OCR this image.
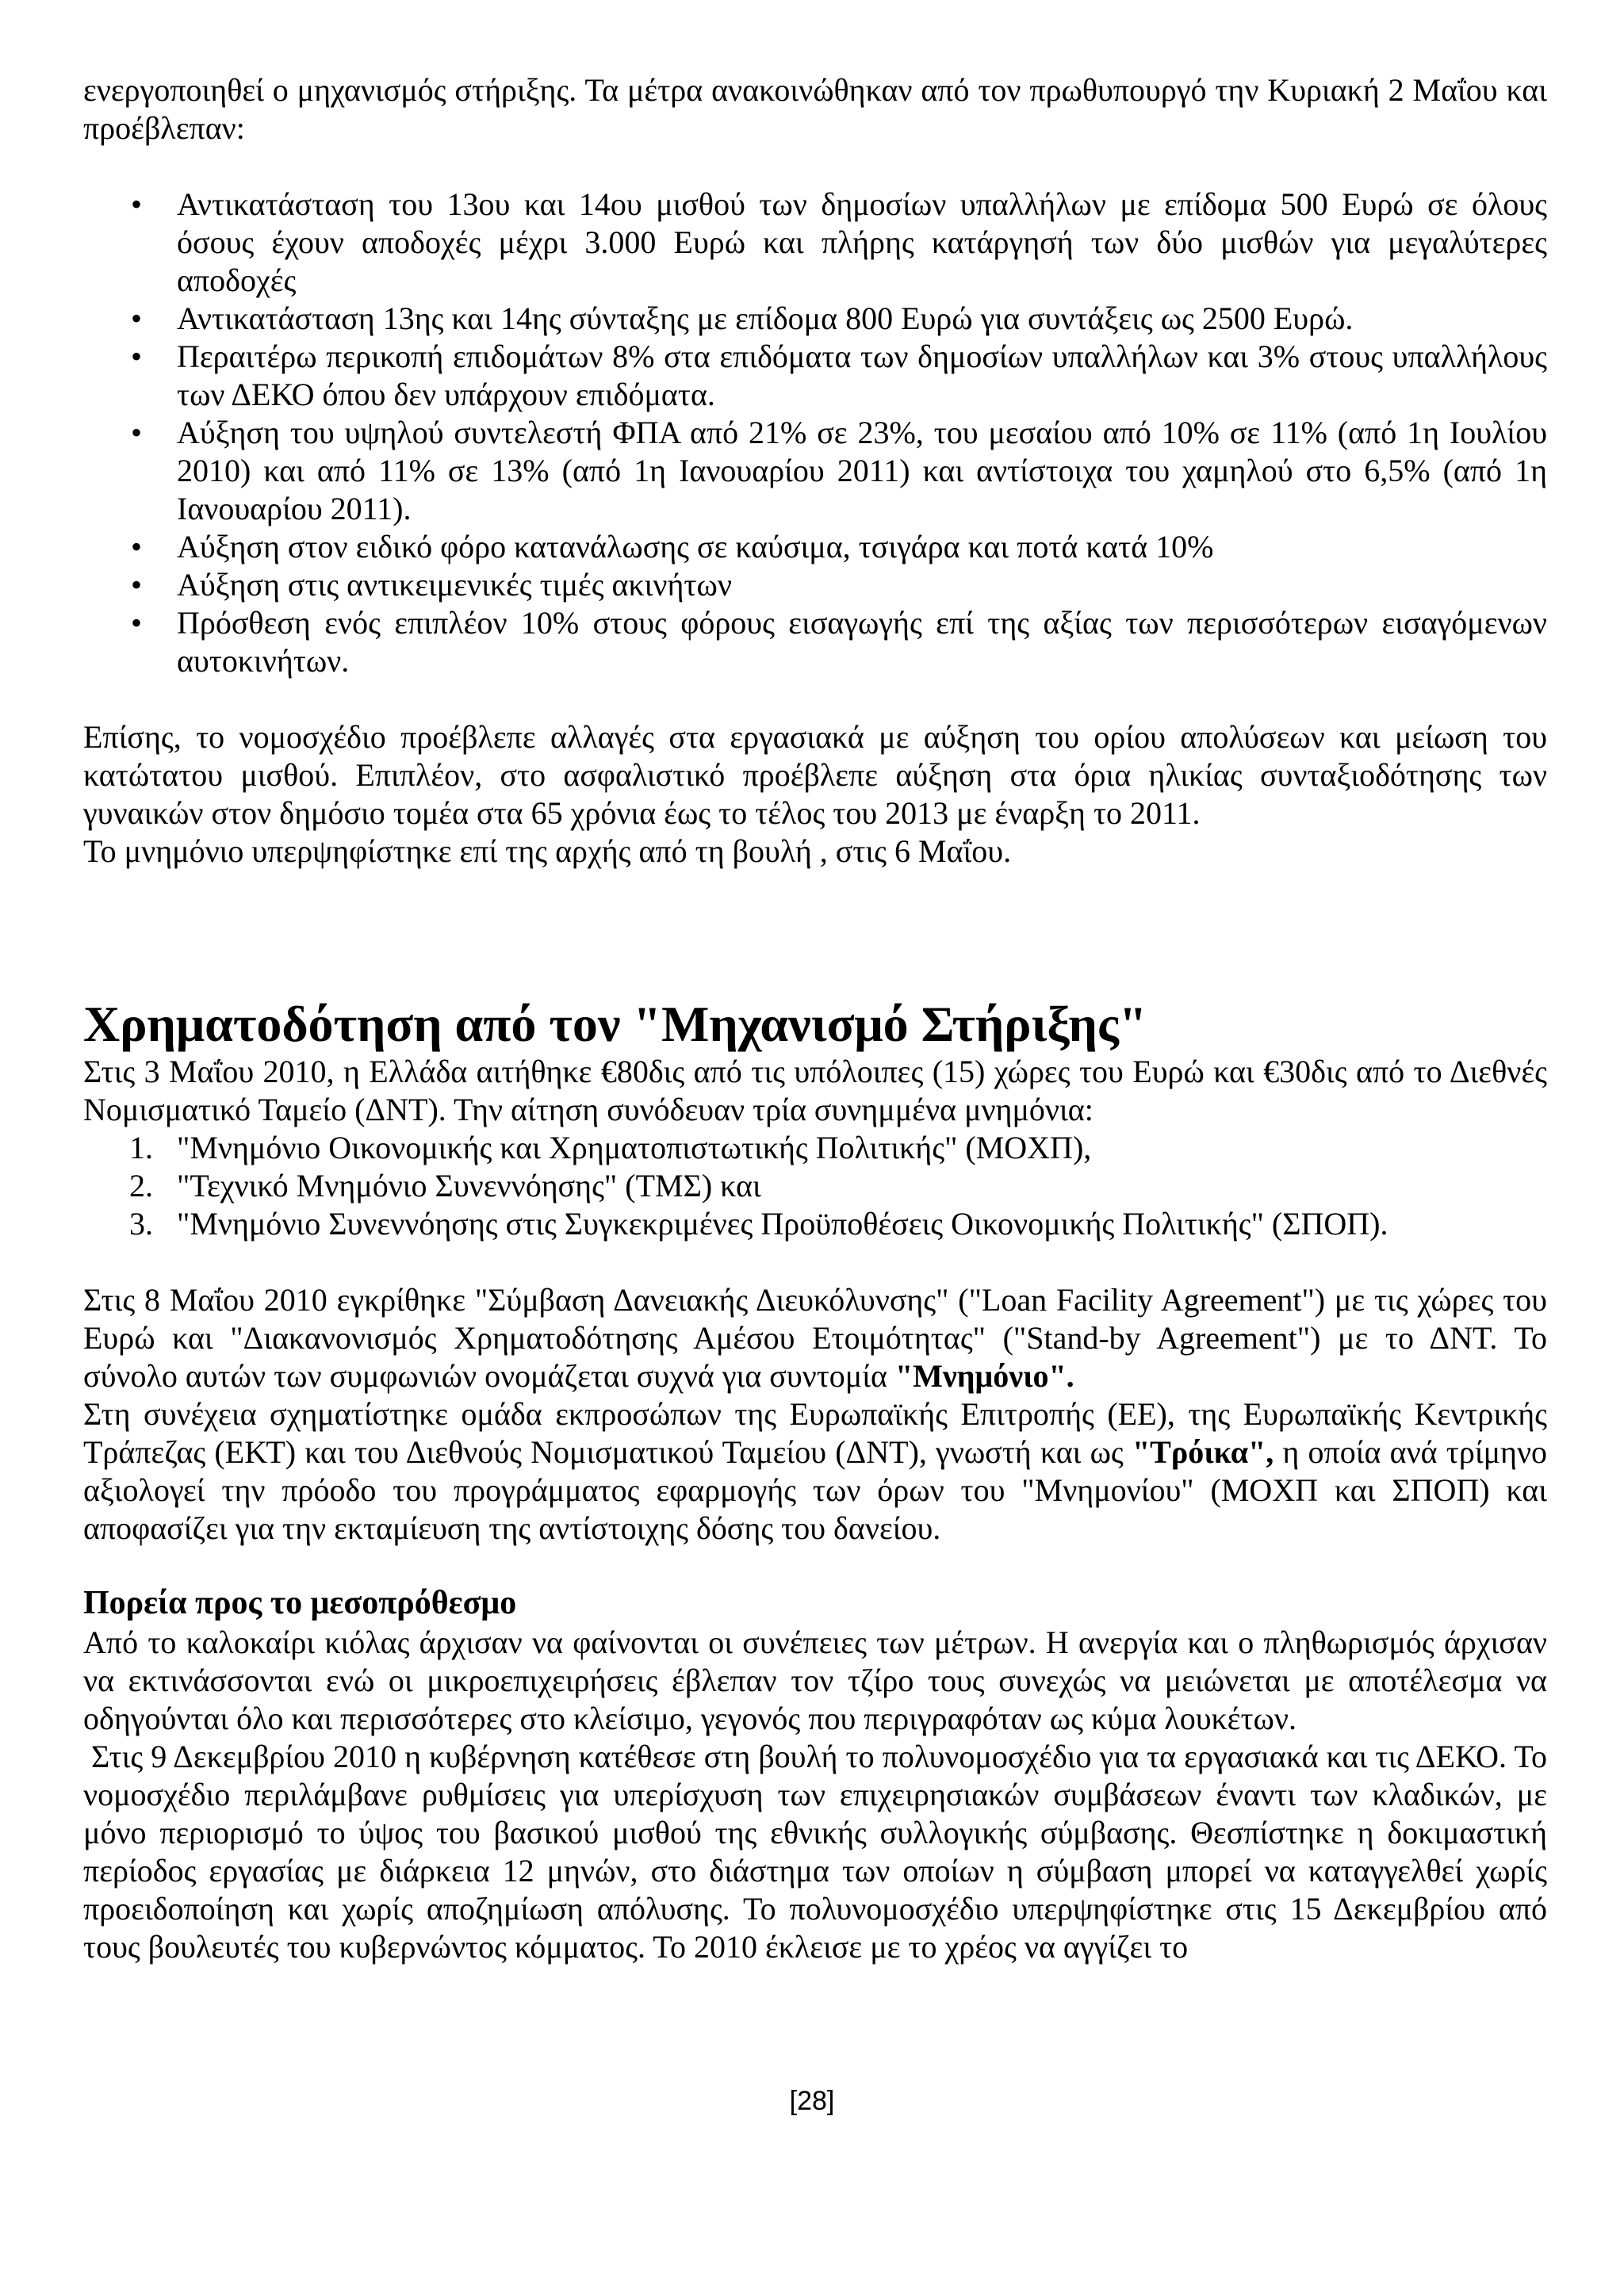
ενεργοποιηθεί ο μηχανισμός στήριξης. Τα μέτρα ανακοινώθηκαν από τον πρωθυπουργό την Κυριακή 2 Μαΐου και προέβλεπαν:

• Αντικατάσταση του 13ου και 14ου μισθού των δημοσίων υπαλλήλων με επίδομα 500 Ευρώ σε όλους όσους έχουν αποδοχές μέχρι 3.000 Ευρώ και πλήρης κατάργησή των δύο μισθών για μεγαλύτερες αποδοχές
• Αντικατάσταση 13ης και 14ης σύνταξης με επίδομα 800 Ευρώ για συντάξεις ως 2500 Ευρώ.
• Περαιτέρω περικοπή επιδομάτων 8% στα επιδόματα των δημοσίων υπαλλήλων και 3% στους υπαλλήλους των ΔΕΚΟ όπου δεν υπάρχουν επιδόματα.
• Αύξηση του υψηλού συντελεστή ΦΠΑ από 21% σε 23%, του μεσαίου από 10% σε 11% (από 1η Ιουλίου 2010) και από 11% σε 13% (από 1η Ιανουαρίου 2011) και αντίστοιχα του χαμηλού στο 6,5% (από 1η Ιανουαρίου 2011).
• Αύξηση στον ειδικό φόρο κατανάλωσης σε καύσιμα, τσιγάρα και ποτά κατά 10%
• Αύξηση στις αντικειμενικές τιμές ακινήτων
• Πρόσθεση ενός επιπλέον 10% στους φόρους εισαγωγής επί της αξίας των περισσότερων εισαγόμενων αυτοκινήτων.

Επίσης, το νομοσχέδιο προέβλεπε αλλαγές στα εργασιακά με αύξηση του ορίου απολύσεων και μείωση του κατώτατου μισθού. Επιπλέον, στο ασφαλιστικό προέβλεπε αύξηση στα όρια ηλικίας συνταξιοδότησης των γυναικών στον δημόσιο τομέα στα 65 χρόνια έως το τέλος του 2013 με έναρξη το 2011.

Το μνημόνιο υπερψηφίστηκε επί της αρχής από τη βουλή , στις 6 Μαΐου.

Χρηματοδότηση από τον "Μηχανισμό Στήριξης"

Στις 3 Μαΐου 2010, η Ελλάδα αιτήθηκε €80δις από τις υπόλοιπες (15) χώρες του Ευρώ και €30δις από το Διεθνές Νομισματικό Ταμείο (ΔΝΤ). Την αίτηση συνόδευαν τρία συνημμένα μνημόνια:

1. "Μνημόνιο Οικονομικής και Χρηματοπιστωτικής Πολιτικής" (ΜΟΧΠ),
2. "Τεχνικό Μνημόνιο Συνεννόησης" (ΤΜΣ) και
3. "Μνημόνιο Συνεννόησης στις Συγκεκριμένες Προϋποθέσεις Οικονομικής Πολιτικής" (ΣΠΟΠ).

Στις 8 Μαΐου 2010 εγκρίθηκε "Σύμβαση Δανειακής Διευκόλυνσης" ("Loan Facility Agreement") με τις χώρες του Ευρώ και "Διακανονισμός Χρηματοδότησης Αμέσου Ετοιμότητας" ("Stand-by Agreement") με το ΔΝΤ. Το σύνολο αυτών των συμφωνιών ονομάζεται συχνά για συντομία "Μνημόνιο".

Στη συνέχεια σχηματίστηκε ομάδα εκπροσώπων της Ευρωπαϊκής Επιτροπής (ΕΕ), της Ευρωπαϊκής Κεντρικής Τράπεζας (ΕΚΤ) και του Διεθνούς Νομισματικού Ταμείου (ΔΝΤ), γνωστή και ως "Τρόικα", η οποία ανά τρίμηνο αξιολογεί την πρόοδο του προγράμματος εφαρμογής των όρων του "Μνημονίου" (ΜΟΧΠ και ΣΠΟΠ) και αποφασίζει για την εκταμίευση της αντίστοιχης δόσης του δανείου.

Πορεία προς το μεσοπρόθεσμο

Από το καλοκαίρι κιόλας άρχισαν να φαίνονται οι συνέπειες των μέτρων. Η ανεργία και ο πληθωρισμός άρχισαν να εκτινάσσονται ενώ οι μικροεπιχειρήσεις έβλεπαν τον τζίρο τους συνεχώς να μειώνεται με αποτέλεσμα να οδηγούνται όλο και περισσότερες στο κλείσιμο, γεγονός που περιγραφόταν ως κύμα λουκέτων.

Στις 9 Δεκεμβρίου 2010 η κυβέρνηση κατέθεσε στη βουλή το πολυνομοσχέδιο για τα εργασιακά και τις ΔΕΚΟ. Το νομοσχέδιο περιλάμβανε ρυθμίσεις για υπερίσχυση των επιχειρησιακών συμβάσεων έναντι των κλαδικών, με μόνο περιορισμό το ύψος του βασικού μισθού της εθνικής συλλογικής σύμβασης. Θεσπίστηκε η δοκιμαστική περίοδος εργασίας με διάρκεια 12 μηνών, στο διάστημα των οποίων η σύμβαση μπορεί να καταγγελθεί χωρίς προειδοποίηση και χωρίς αποζημίωση απόλυσης. Το πολυνομοσχέδιο υπερψηφίστηκε στις 15 Δεκεμβρίου από τους βουλευτές του κυβερνώντος κόμματος. Το 2010 έκλεισε με το χρέος να αγγίζει το

[28]
